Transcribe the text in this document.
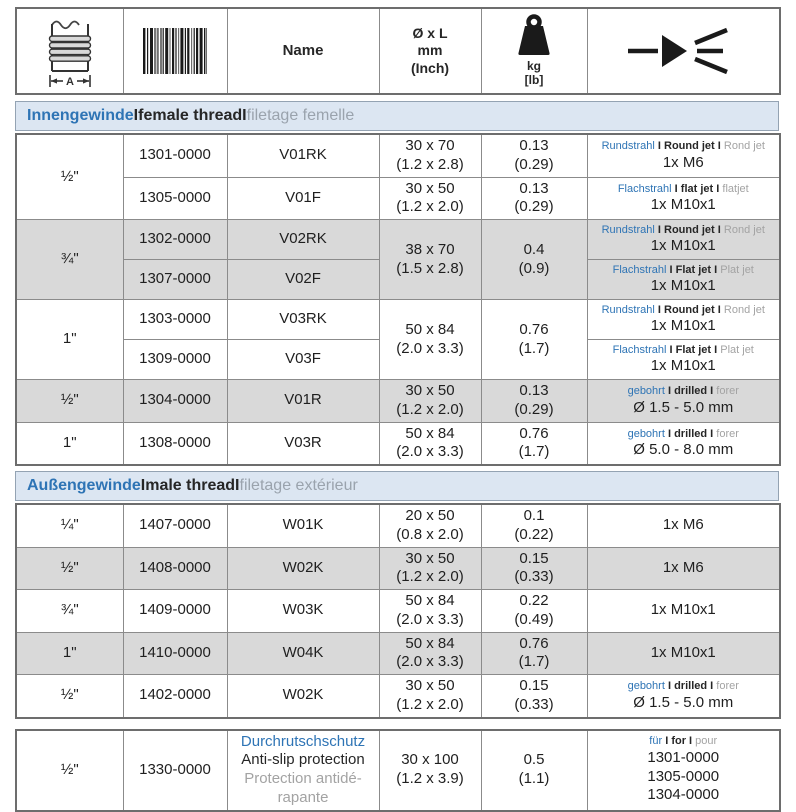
A

	Name	
Ø x L
mm
(Inch)	kg
[lb]

Innengewinde I female thread I filetage femelle
½"	1301-0000	V01RK	
30 x 70
(1.2 x 2.8)

0.13
(0.29)

Rundstrahl I Round jet I Rond jet
1x M6

1305-0000	V01F	
30 x 50
(1.2 x 2.0)

0.13
(0.29)

Flachstrahl I flat jet I flatjet
1x M10x1

¾"	1302-0000	V02RK	
38 x 70
(1.5 x 2.8)

0.4
(0.9)

Rundstrahl I Round jet I Rond jet
1x M10x1

	1307-0000	V02F			Flachstrahl I Flat jet I Plat jet
1x M10x1

1"	1303-0000	V03RK	
50 x 84
(2.0 x 3.3)

0.76
(1.7)

Rundstrahl I Round jet I Rond jet
1x M10x1

	1309-0000	V03F			Flachstrahl I Flat jet I Plat jet
1x M10x1

½"	1304-0000	V01R	
30 x 50
(1.2 x 2.0)

0.13
(0.29)

gebohrt I drilled I forer
Ø 1.5 - 5.0 mm

1"	1308-0000	V03R	
50 x 84
(2.0 x 3.3)

0.76
(1.7)

gebohrt I drilled I forer
Ø 5.0 - 8.0 mm
Außengewinde I male thread I filetage extérieur
¼"	1407-0000	W01K	
20 x 50
(0.8 x 2.0)

0.1
(0.22)

1x M6

½"	1408-0000	W02K	
30 x 50
(1.2 x 2.0)

0.15
(0.33)

1x M6

¾"	1409-0000	W03K	
50 x 84
(2.0 x 3.3)

0.22
(0.49)

1x M10x1

1"	1410-0000	W04K	
50 x 84
(2.0 x 3.3)

0.76
(1.7)

1x M10x1

½"	1402-0000	W02K	
30 x 50
(1.2 x 2.0)

0.15
(0.33)

gebohrt I drilled I forer
Ø 1.5 - 5.0 mm
½"	1330-0000	
Durchrutschschutz
Anti-slip protection
Protection antidé-
rapante

30 x 100
(1.2 x 3.9)

0.5
(1.1)

für I for I pour
1301-0000
1305-0000
1304-0000
